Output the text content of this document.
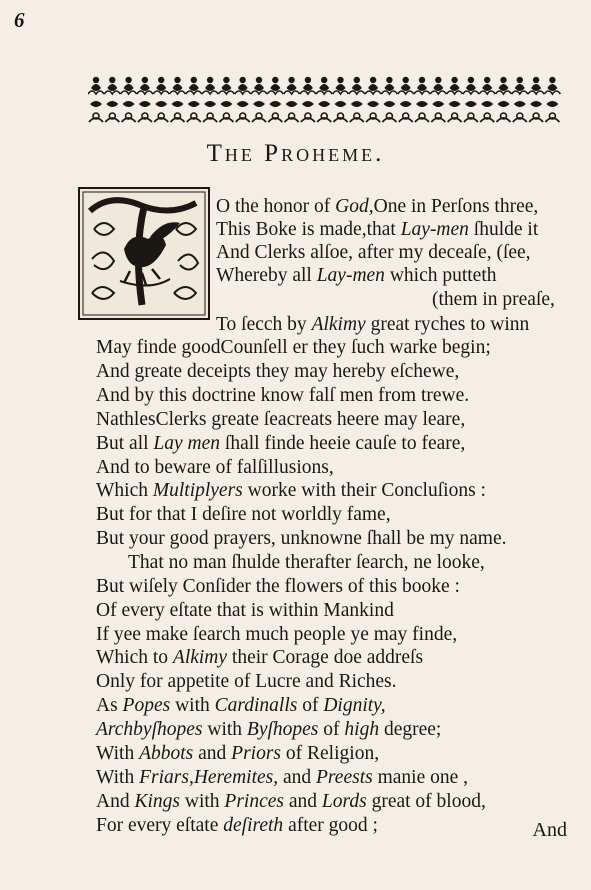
6
The Proheme.
O the honor of God,One in Perſons three,
This Boke is made,that Lay-men ſhulde it
And Clerks alſoe, after my deceaſe, (ſee,
Whereby all Lay-men which putteth
(them in preaſe,
To ſecch by Alkimy great ryches to winn
May finde goodCounſell er they ſuch warke begin;
And greate deceipts they may hereby eſchewe,
And by this doctrine know falſ men from trewe.
NathlesClerks greate ſeacreats heere may leare,
But all Lay men ſhall finde heeie cauſe to feare,
And to beware of falſillusions,
Which Multiplyers worke with their Concluſions :
But for that I deſire not worldly fame,
But your good prayers, unknowne ſhall be my name.
That no man ſhulde therafter ſearch, ne looke,
But wiſely Conſider the flowers of this booke :
Of every eſtate that is within Mankind
If yee make ſearch much people ye may finde,
Which to Alkimy their Corage doe addreſs
Only for appetite of Lucre and Riches.
As Popes with Cardinalls of Dignity,
Archbyſhopes with Byſhopes of high degree;
With Abbots and Priors of Religion,
With Friars,Heremites, and Preests manie one ,
And Kings with Princes and Lords great of blood,
For every eſtate deſireth after good ;	And
